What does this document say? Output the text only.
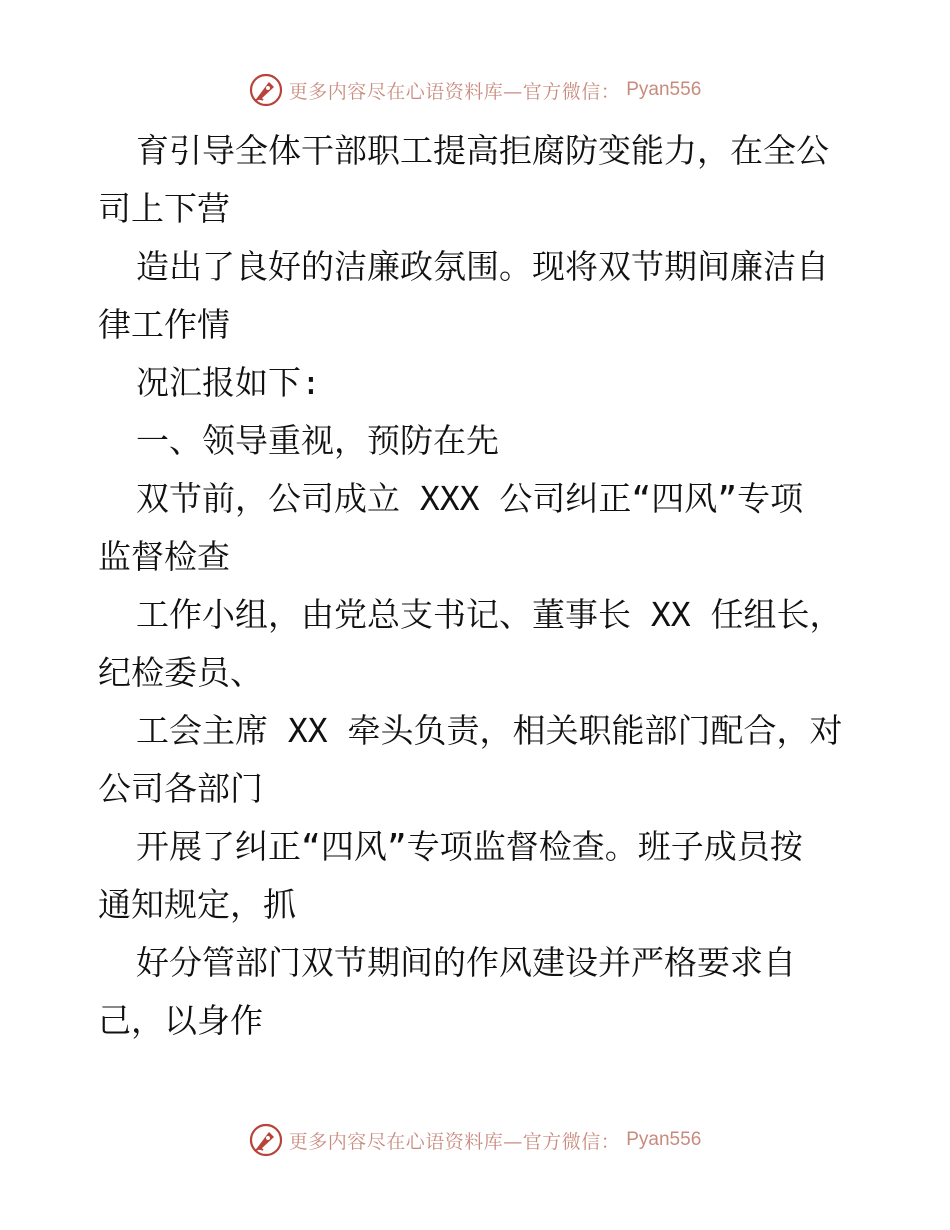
更多内容尽在心语资料库—官方微信： Pyan556
育引导全体干部职工提高拒腐防变能力，在全公
司上下营
造出了良好的洁廉政氛围。现将双节期间廉洁自
律工作情
况汇报如下:
一、领导重视，预防在先
双节前，公司成立 XXX 公司纠正“四风”专项
监督检查
工作小组，由党总支书记、董事长 XX 任组长，
纪检委员、
工会主席 XX 牵头负责，相关职能部门配合，对
公司各部门
开展了纠正“四风”专项监督检查。班子成员按
通知规定，抓
好分管部门双节期间的作风建设并严格要求自
己，以身作
更多内容尽在心语资料库—官方微信： Pyan556
